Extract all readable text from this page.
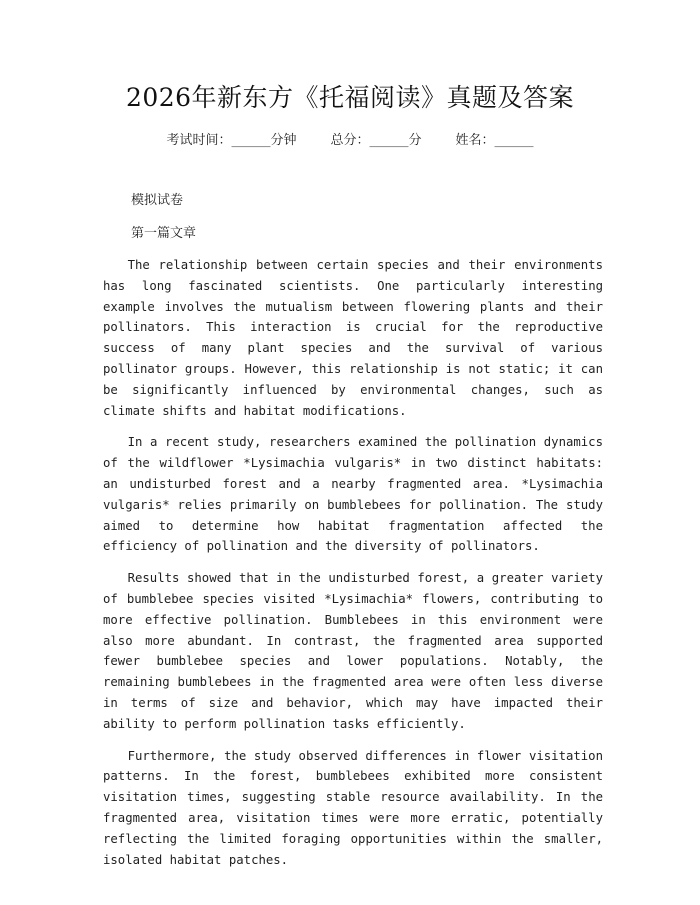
2026年新东方《托福阅读》真题及答案
考试时间：______分钟	总分：______分	姓名：______

模拟试卷

第一篇文章

The relationship between certain species and their environments has long fascinated scientists. One particularly interesting example involves the mutualism between flowering plants and their pollinators. This interaction is crucial for the reproductive success of many plant species and the survival of various pollinator groups. However, this relationship is not static; it can be significantly influenced by environmental changes, such as climate shifts and habitat modifications.

In a recent study, researchers examined the pollination dynamics of the wildflower *Lysimachia vulgaris* in two distinct habitats: an undisturbed forest and a nearby fragmented area. *Lysimachia vulgaris* relies primarily on bumblebees for pollination. The study aimed to determine how habitat fragmentation affected the efficiency of pollination and the diversity of pollinators.

Results showed that in the undisturbed forest, a greater variety of bumblebee species visited *Lysimachia* flowers, contributing to more effective pollination. Bumblebees in this environment were also more abundant. In contrast, the fragmented area supported fewer bumblebee species and lower populations. Notably, the remaining bumblebees in the fragmented area were often less diverse in terms of size and behavior, which may have impacted their ability to perform pollination tasks efficiently.

Furthermore, the study observed differences in flower visitation patterns. In the forest, bumblebees exhibited more consistent visitation times, suggesting stable resource availability. In the fragmented area, visitation times were more erratic, potentially reflecting the limited foraging opportunities within the smaller, isolated habitat patches.
